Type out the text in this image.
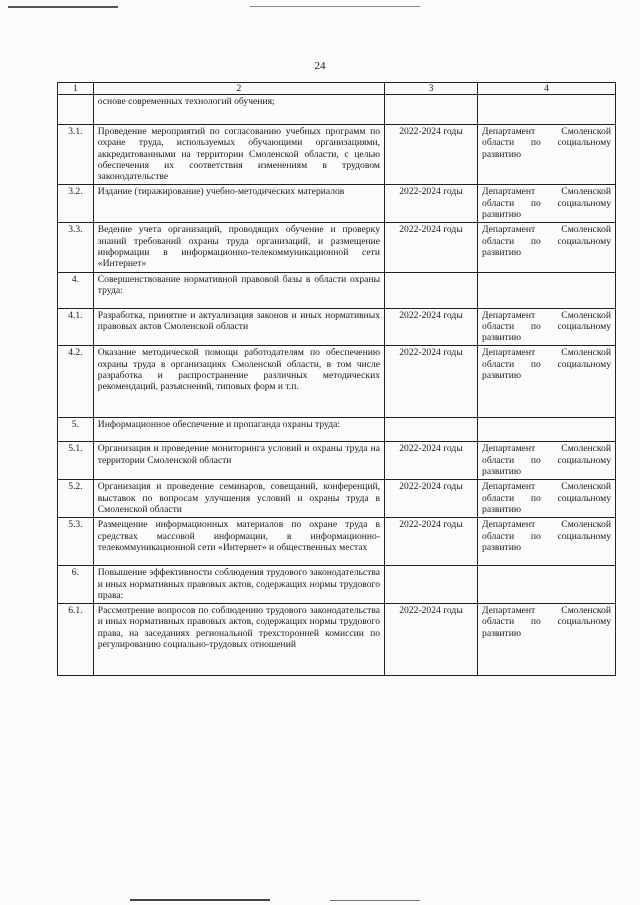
24
1	2	3	4
	основе современных технологий обучения;		
3.1.	Проведение мероприятий по согласованию учебных программ по охране труда, используемых обучающими организациями, аккредитованными на территории Смоленской области, с целью обеспечения их соответствия изменениям в трудовом законодательстве	2022-2024 годы	Департамент Смоленской области по социальному развитию
3.2.	Издание (тиражирование) учебно-методических материалов	2022-2024 годы	Департамент Смоленской области по социальному развитию
3.3.	Ведение учета организаций, проводящих обучение и проверку знаний требований охраны труда организаций, и размещение информации в информационно-телекоммуникационной сети «Интернет»	2022-2024 годы	Департамент Смоленской области по социальному развитию
4.	Совершенствование нормативной правовой базы в области охраны труда:		
4.1.	Разработка, принятие и актуализация законов и иных нормативных правовых актов Смоленской области	2022-2024 годы	Департамент Смоленской области по социальному развитию
4.2.	Оказание методической помощи работодателям по обеспечению охраны труда в организациях Смоленской области, в том числе разработка и распространение различных методических рекомендаций, разъяснений, типовых форм и т.п.	2022-2024 годы	Департамент Смоленской области по социальному развитию
5.	Информационное обеспечение и пропаганда охраны труда:		
5.1.	Организация и проведение мониторинга условий и охраны труда на территории Смоленской области	2022-2024 годы	Департамент Смоленской области по социальному развитию
5.2.	Организация и проведение семинаров, совещаний, конференций, выставок по вопросам улучшения условий и охраны труда в Смоленской области	2022-2024 годы	Департамент Смоленской области по социальному развитию
5.3.	Размещение информационных материалов по охране труда в средствах массовой информации, в информационно-телекоммуникационной сети «Интернет» и общественных местах	2022-2024 годы	Департамент Смоленской области по социальному развитию
6.	Повышение эффективности соблюдения трудового законодательства и иных нормативных правовых актов, содержащих нормы трудового права:		
6.1.	Рассмотрение вопросов по соблюдению трудового законодательства и иных нормативных правовых актов, содержащих нормы трудового права, на заседаниях региональной трехсторонней комиссии по регулированию социально-трудовых отношений	2022-2024 годы	Департамент Смоленской области по социальному развитию
